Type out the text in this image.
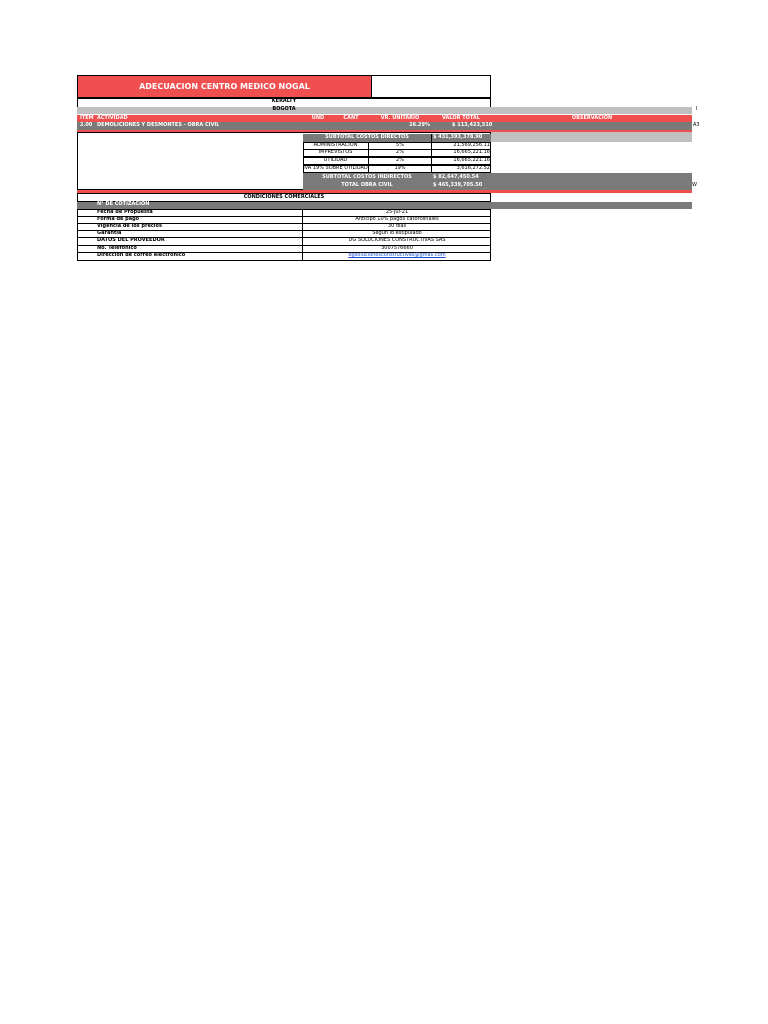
ADECUACION CENTRO MEDICO NOGAL
KERALTY
BOGOTA	I
ITEM ACTIVIDAD	UND	CANT	VR. UNITARIO	VALOR TOTAL	OBSERVACION
2.00 DEMOLICIONES Y DESMONTES - OBRA CIVIL	26.29%	$ 113,423,510	A3
SUBTOTAL COSTOS DIRECTOS	$ 431,393,378.90
ADMINISTRACION	5%	21,569,256.11
IMPREVISTOS	2%	16,665,221.16
UTILIDAD	2%	16,665,221.16
IVA 19% SOBRE UTILIDAD	19%	3,616,272.52
SUBTOTAL COSTOS INDIRECTOS	$ 82,647,450.54
TOTAL OBRA CIVIL	$ 465,339,705.50	W
CONDICIONES COMERCIALES
N° DE COTIZACION
Fecha de Propuesta	25-jul-21
Forma de pago	Anticipo 10% pagos catorcenales
Vigencia de los precios	30 dias
Garantia	Según lo estipulado
DATOS DEL PROVEEDOR	DG SOLUCIONES CONSTRUCTIVAS SAS
No. Telefónico	3007576660
Dirección de correo electronico	dgsolucionesconstructivas@gmail.com
